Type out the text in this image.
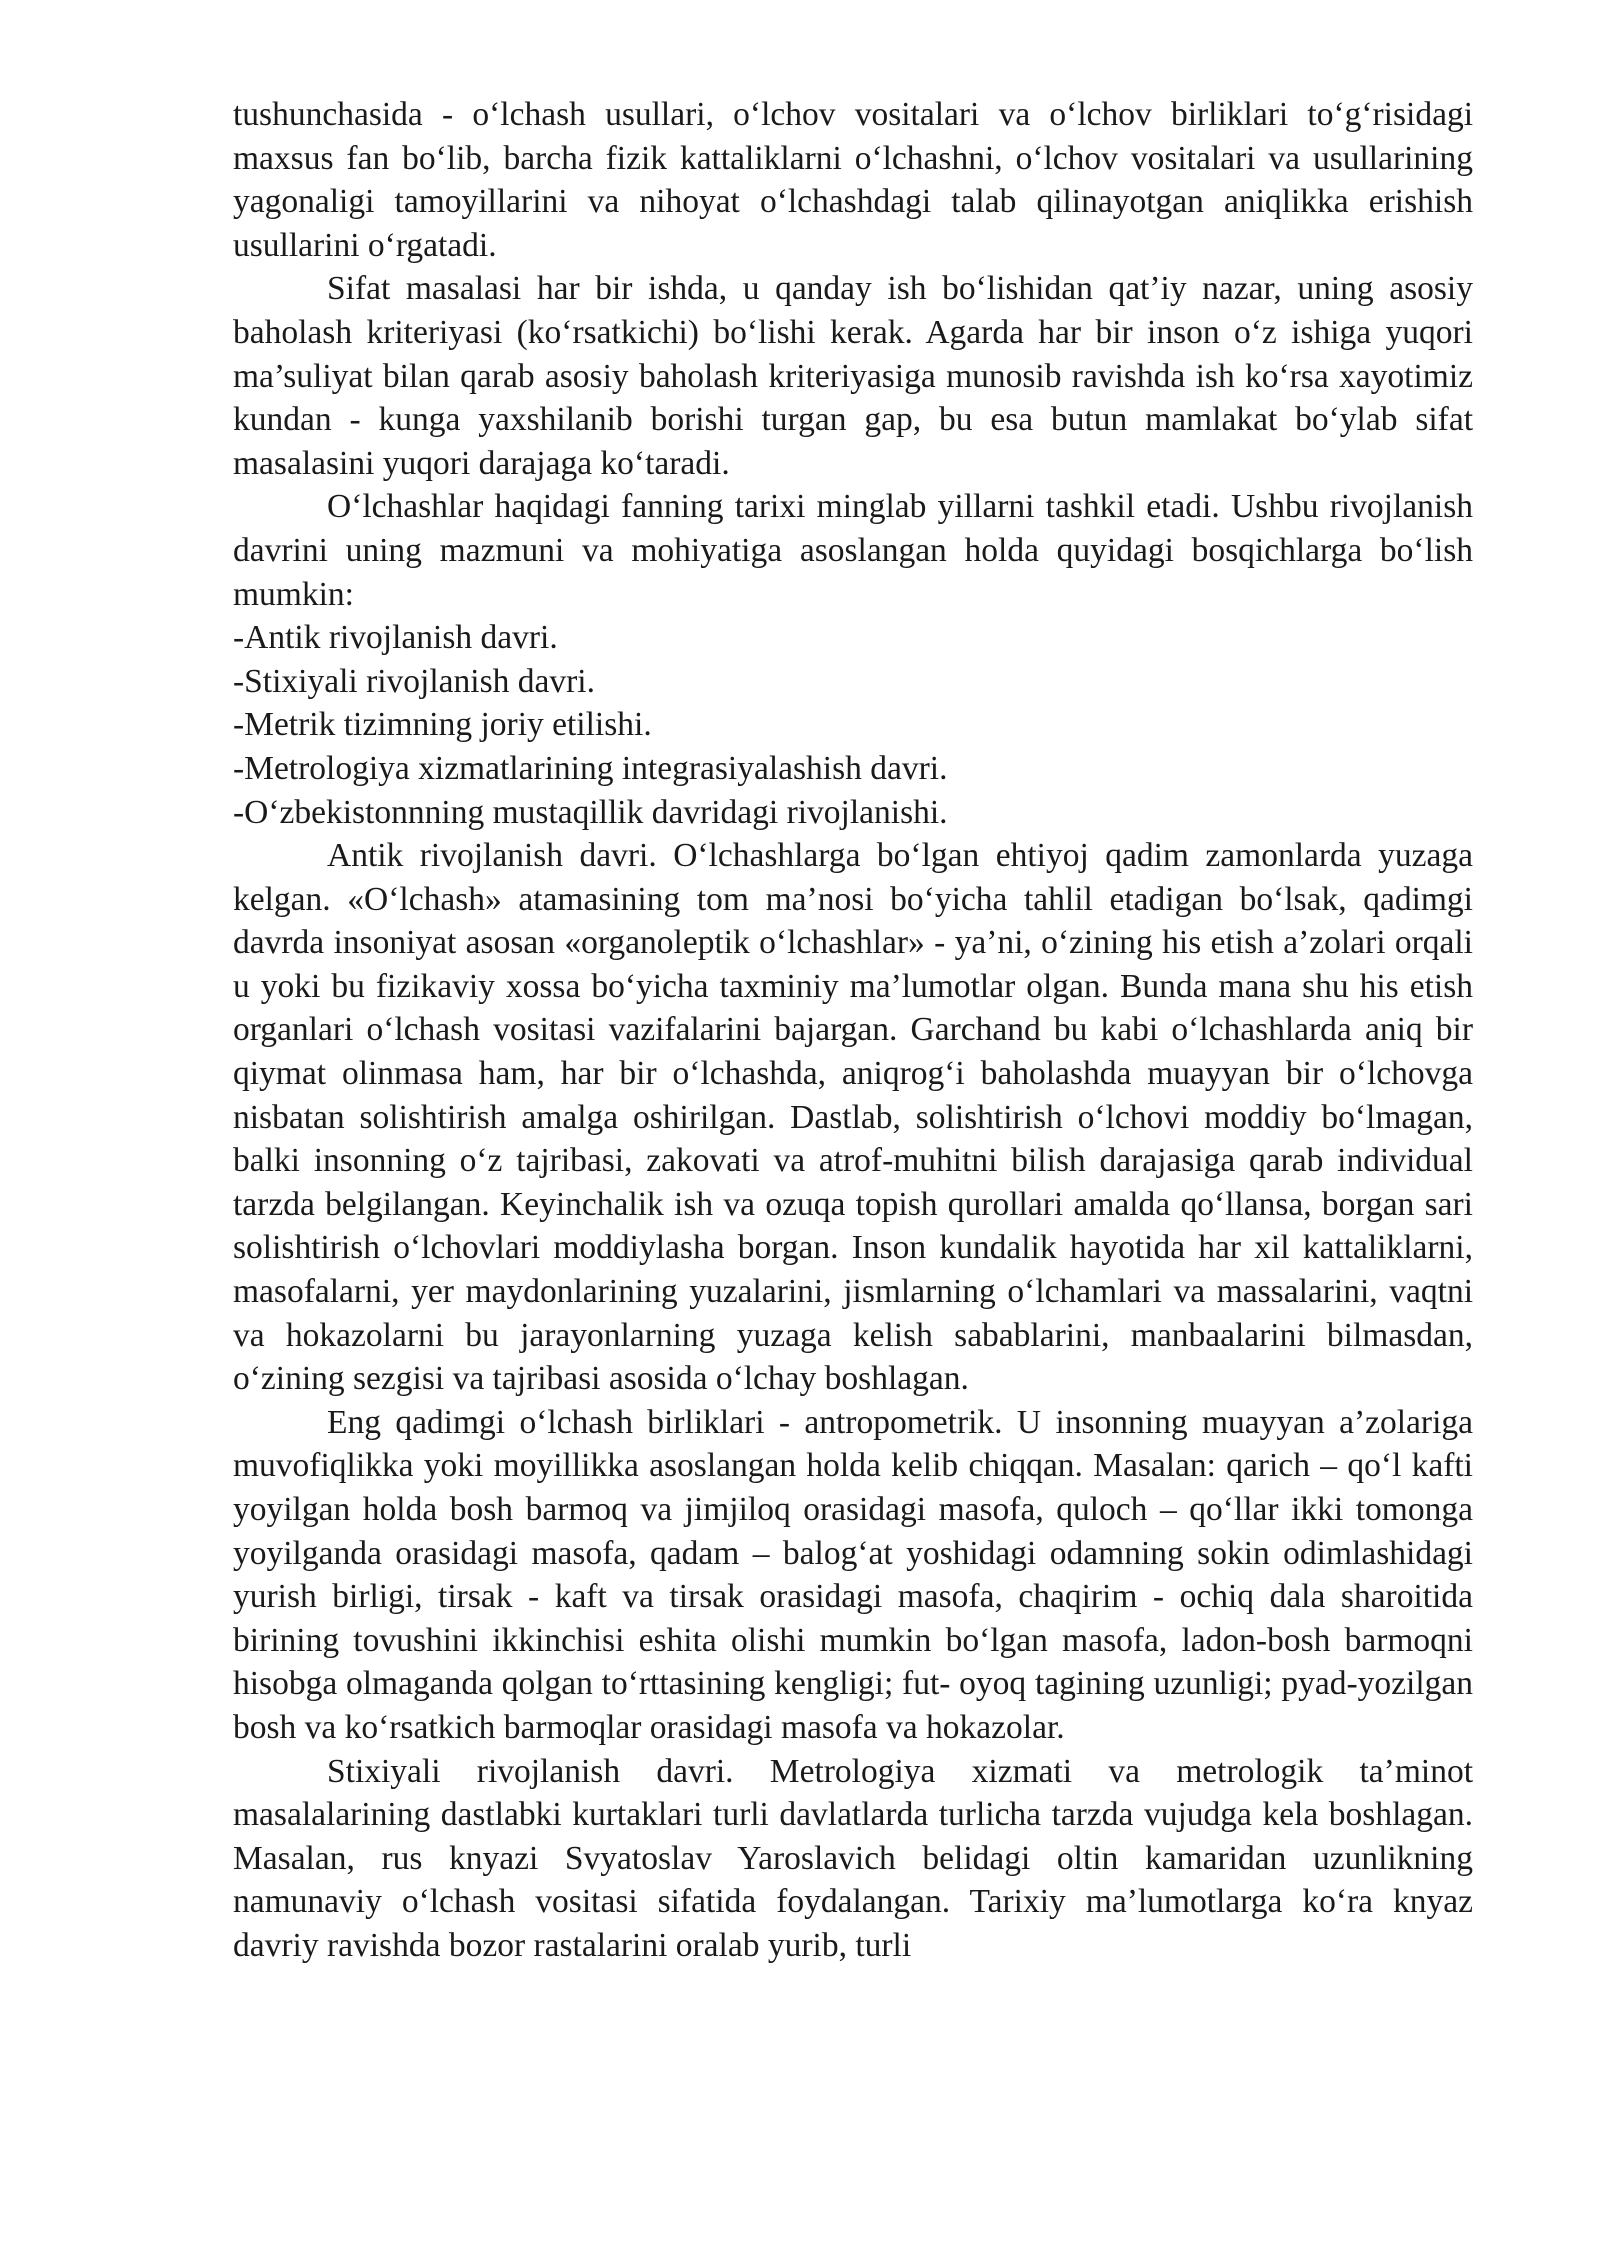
tushunchasida - o‘lchash usullari, o‘lchov vositalari va o‘lchov birliklari to‘g‘risidagi maxsus fan bo‘lib, barcha fizik kattaliklarni o‘lchashni, o‘lchov vositalari va usullarining yagonaligi tamoyillarini va nihoyat o‘lchashdagi talab qilinayotgan aniqlikka erishish usullarini o‘rgatadi.

Sifat masalasi har bir ishda, u qanday ish bo‘lishidan qat’iy nazar, uning asosiy baholash kriteriyasi (ko‘rsatkichi) bo‘lishi kerak. Agarda har bir inson o‘z ishiga yuqori ma’suliyat bilan qarab asosiy baholash kriteriyasiga munosib ravishda ish ko‘rsa xayotimiz kundan - kunga yaxshilanib borishi turgan gap, bu esa butun mamlakat bo‘ylab sifat masalasini yuqori darajaga ko‘taradi.

O‘lchashlar haqidagi fanning tarixi minglab yillarni tashkil etadi. Ushbu rivojlanish davrini uning mazmuni va mohiyatiga asoslangan holda quyidagi bosqichlarga bo‘lish mumkin:

-Antik rivojlanish davri.

-Stixiyali rivojlanish davri.

-Metrik tizimning joriy etilishi.

-Metrologiya xizmatlarining integrasiyalashish davri.

-O‘zbekistonnning mustaqillik davridagi rivojlanishi.

Antik rivojlanish davri. O‘lchashlarga bo‘lgan ehtiyoj qadim zamonlarda yuzaga kelgan. «O‘lchash» atamasining tom ma’nosi bo‘yicha tahlil etadigan bo‘lsak, qadimgi davrda insoniyat asosan «organoleptik o‘lchashlar» - ya’ni, o‘zining his etish a’zolari orqali u yoki bu fizikaviy xossa bo‘yicha taxminiy ma’lumotlar olgan. Bunda mana shu his etish organlari o‘lchash vositasi vazifalarini bajargan. Garchand bu kabi o‘lchashlarda aniq bir qiymat olinmasa ham, har bir o‘lchashda, aniqrog‘i baholashda muayyan bir o‘lchovga nisbatan solishtirish amalga oshirilgan. Dastlab, solishtirish o‘lchovi moddiy bo‘lmagan, balki insonning o‘z tajribasi, zakovati va atrof-muhitni bilish darajasiga qarab individual tarzda belgilangan. Keyinchalik ish va ozuqa topish qurollari amalda qo‘llansa, borgan sari solishtirish o‘lchovlari moddiylasha borgan. Inson kundalik hayotida har xil kattaliklarni, masofalarni, yer maydonlarining yuzalarini, jismlarning o‘lchamlari va massalarini, vaqtni va hokazolarni bu jarayonlarning yuzaga kelish sabablarini, manbaalarini bilmasdan, o‘zining sezgisi va tajribasi asosida o‘lchay boshlagan.

Eng qadimgi o‘lchash birliklari - antropometrik. U insonning muayyan a’zolariga muvofiqlikka yoki moyillikka asoslangan holda kelib chiqqan. Masalan: qarich – qo‘l kafti yoyilgan holda bosh barmoq va jimjiloq orasidagi masofa, quloch – qo‘llar ikki tomonga yoyilganda orasidagi masofa, qadam – balog‘at yoshidagi odamning sokin odimlashidagi yurish birligi, tirsak - kaft va tirsak orasidagi masofa, chaqirim - ochiq dala sharoitida birining tovushini ikkinchisi eshita olishi mumkin bo‘lgan masofa, ladon-bosh barmoqni hisobga olmaganda qolgan to‘rttasining kengligi; fut- oyoq tagining uzunligi; pyad-yozilgan bosh va ko‘rsatkich barmoqlar orasidagi masofa va hokazolar.

Stixiyali rivojlanish davri. Metrologiya xizmati va metrologik ta’minot masalalarining dastlabki kurtaklari turli davlatlarda turlicha tarzda vujudga kela boshlagan. Masalan, rus knyazi Svyatoslav Yaroslavich belidagi oltin kamaridan uzunlikning namunaviy o‘lchash vositasi sifatida foydalangan. Tarixiy ma’lumotlarga ko‘ra knyaz davriy ravishda bozor rastalarini oralab yurib, turli
